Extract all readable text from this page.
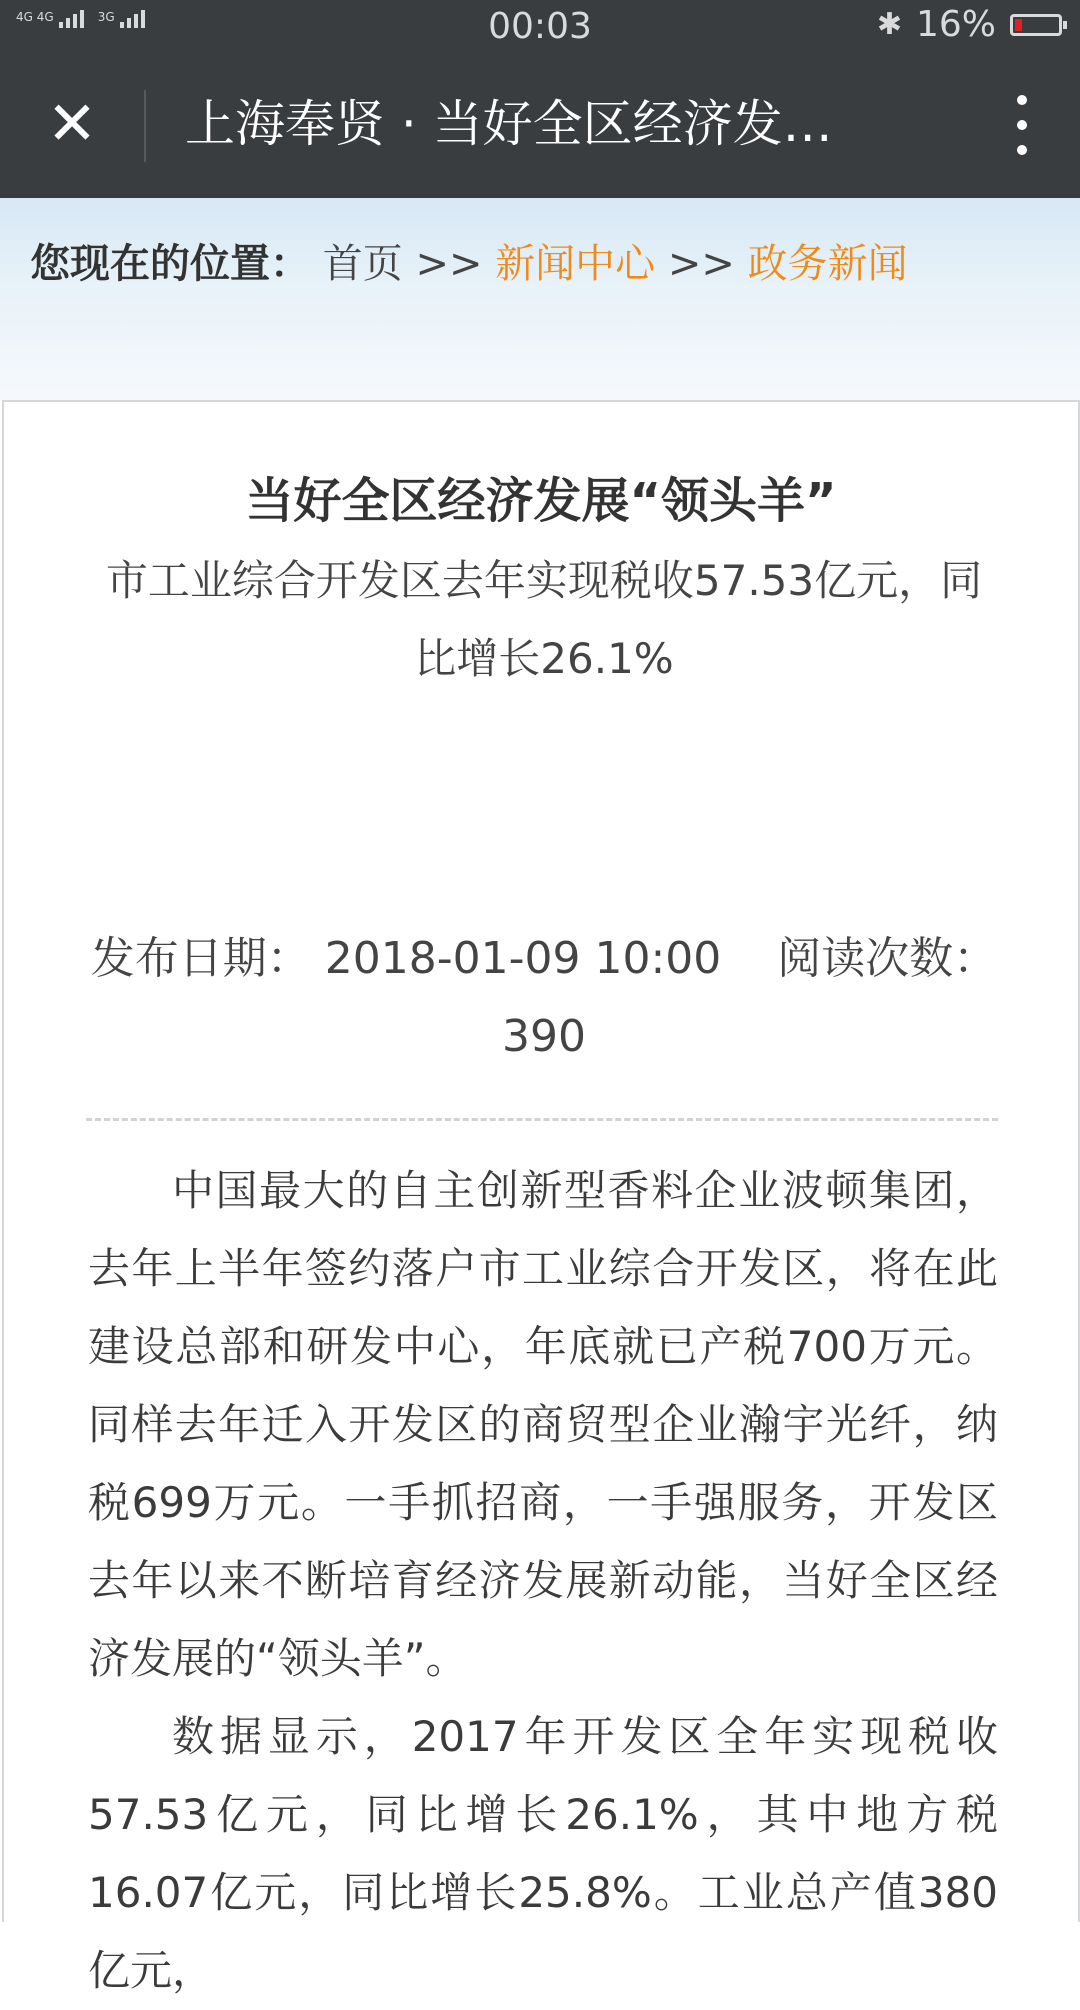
4G 4G	3G	00:03	✱ 16%
✕ 上海奉贤 · 当好全区经济发…
您现在的位置： 首页 >> 新闻中心 >> 政务新闻
当好全区经济发展“领头羊”
市工业综合开发区去年实现税收57.53亿元，同比增长26.1%
发布日期： 2018-01-09 10:00 阅读次数：
390

中国最大的自主创新型香料企业波顿集团，去年上半年签约落户市工业综合开发区，将在此建设总部和研发中心，年底就已产税700万元。同样去年迁入开发区的商贸型企业瀚宇光纤，纳税699万元。一手抓招商，一手强服务，开发区去年以来不断培育经济发展新动能，当好全区经济发展的“领头羊”。

数据显示，2017年开发区全年实现税收57.53亿元，同比增长26.1%，其中地方税16.07亿元，同比增长25.8%。工业总产值380亿元，
